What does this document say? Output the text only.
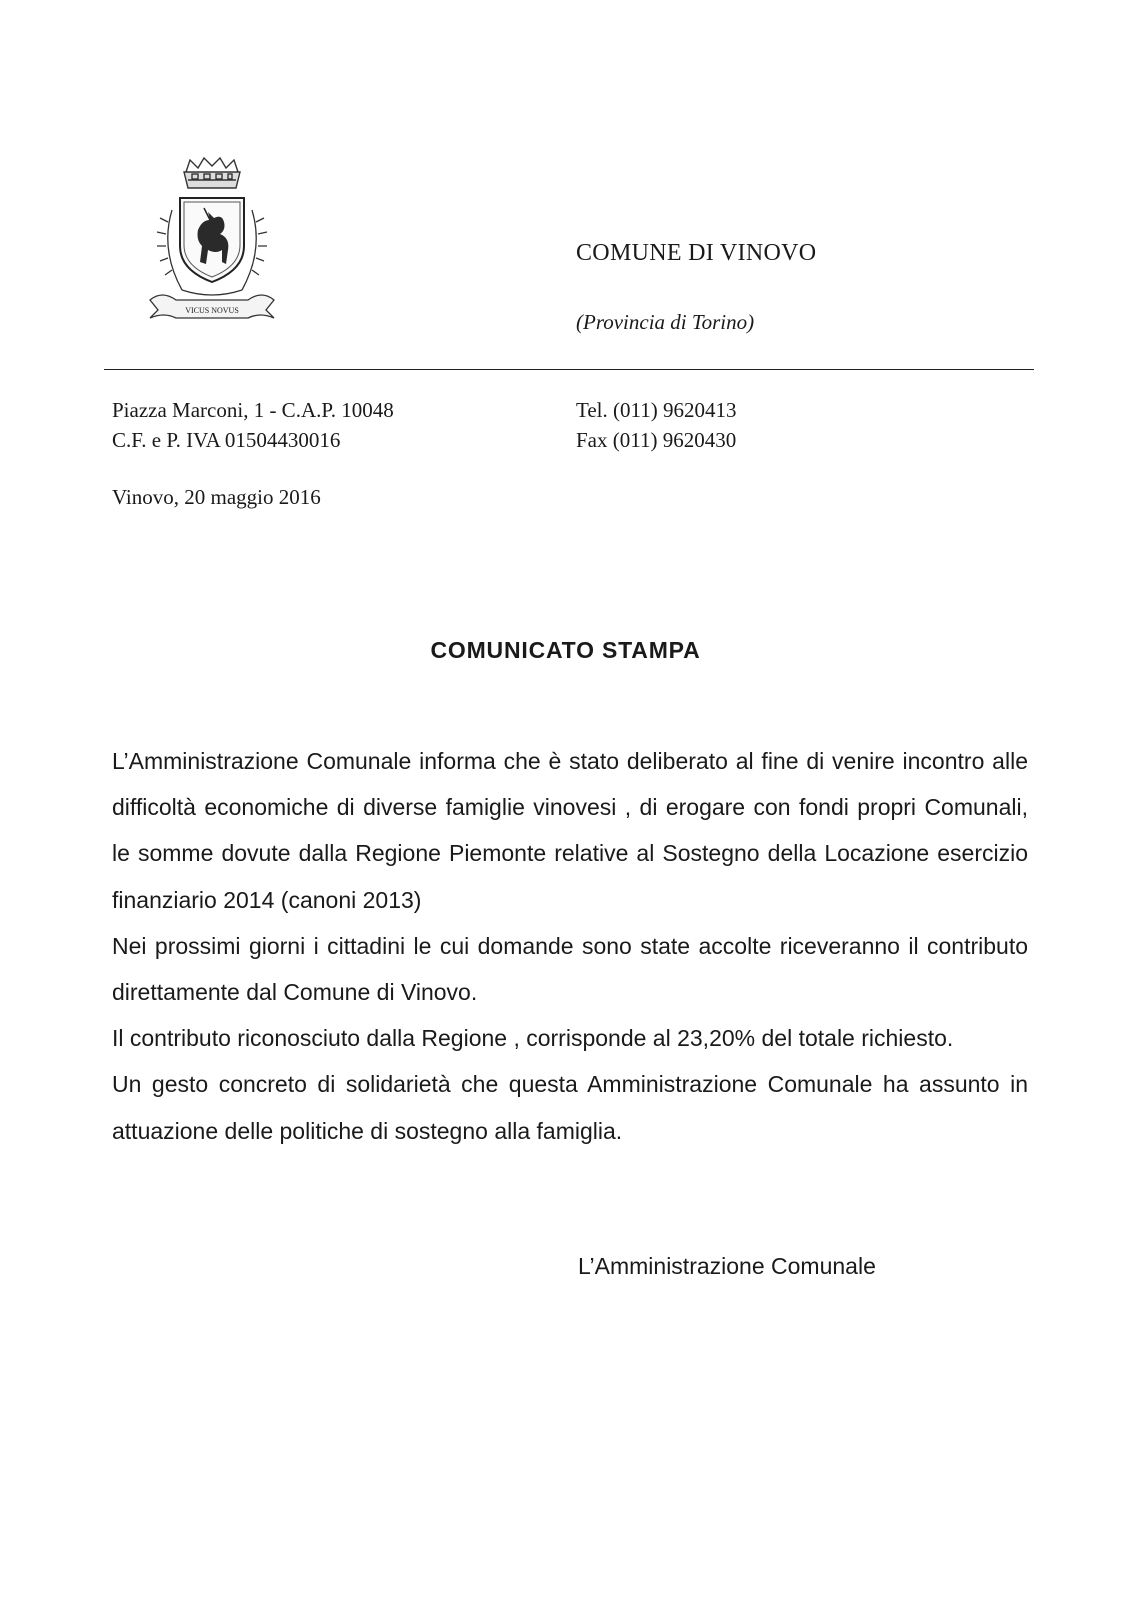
VICUS NOVUS
COMUNE DI VINOVO
(Provincia di Torino)
Piazza Marconi, 1 - C.A.P. 10048
C.F. e P. IVA 01504430016
Tel. (011) 9620413
Fax (011) 9620430
Vinovo, 20 maggio 2016
COMUNICATO STAMPA

L’Amministrazione Comunale informa che è stato deliberato al fine di venire incontro alle difficoltà economiche di diverse famiglie vinovesi , di erogare con fondi propri Comunali, le somme dovute dalla Regione Piemonte relative al Sostegno della Locazione esercizio finanziario 2014 (canoni 2013)

Nei prossimi giorni i cittadini le cui domande sono state accolte riceveranno il contributo direttamente dal Comune di Vinovo.

Il contributo riconosciuto dalla Regione , corrisponde al 23,20% del totale richiesto.

Un gesto concreto di solidarietà che questa Amministrazione Comunale ha assunto in attuazione delle politiche di sostegno alla famiglia.

L’Amministrazione Comunale
